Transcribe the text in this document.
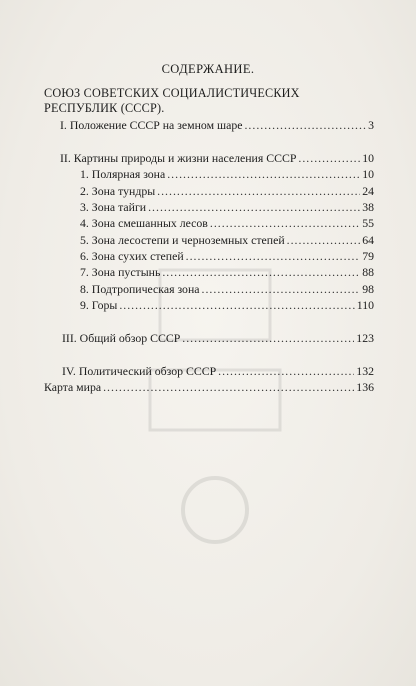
СОДЕРЖАНИЕ.
СОЮЗ СОВЕТСКИХ СОЦИАЛИСТИЧЕСКИХ
РЕСПУБЛИК (СССР).
I. Положение СССР на земном шаре .....	3
II. Картины природы и жизни населения СССР .....	10
1. Полярная зона .....	10
2. Зона тундры .....	24
3. Зона тайги .....	38
4. Зона смешанных лесов .....	55
5. Зона лесостепи и черноземных степей .....	64
6. Зона сухих степей .....	79
7. Зона пустынь .....	88
8. Подтропическая зона .....	98
9. Горы .....	110
III. Общий обзор СССР .....	123
IV. Политический обзор СССР .....	132
Карта мира .....	136
